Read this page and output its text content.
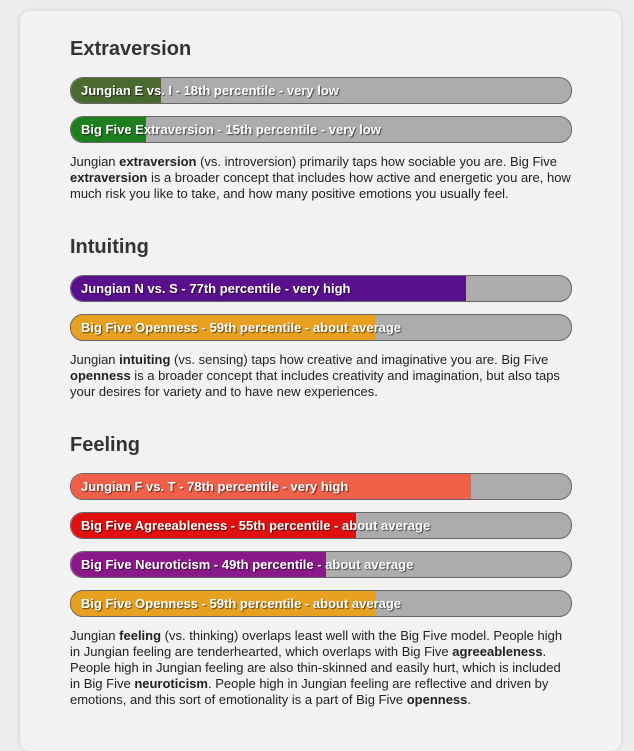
Extraversion
Jungian E vs. I - 18th percentile - very low
Big Five Extraversion - 15th percentile - very low

Jungian extraversion (vs. introversion) primarily taps how sociable you are. Big Five extraversion is a broader concept that includes how active and energetic you are, how much risk you like to take, and how many positive emotions you usually feel.

Intuiting
Jungian N vs. S - 77th percentile - very high
Big Five Openness - 59th percentile - about average

Jungian intuiting (vs. sensing) taps how creative and imaginative you are. Big Five openness is a broader concept that includes creativity and imagination, but also taps your desires for variety and to have new experiences.

Feeling
Jungian F vs. T - 78th percentile - very high
Big Five Agreeableness - 55th percentile - about average
Big Five Neuroticism - 49th percentile - about average
Big Five Openness - 59th percentile - about average

Jungian feeling (vs. thinking) overlaps least well with the Big Five model. People high in Jungian feeling are tenderhearted, which overlaps with Big Five agreeableness. People high in Jungian feeling are also thin-skinned and easily hurt, which is included in Big Five neuroticism. People high in Jungian feeling are reflective and driven by emotions, and this sort of emotionality is a part of Big Five openness.
